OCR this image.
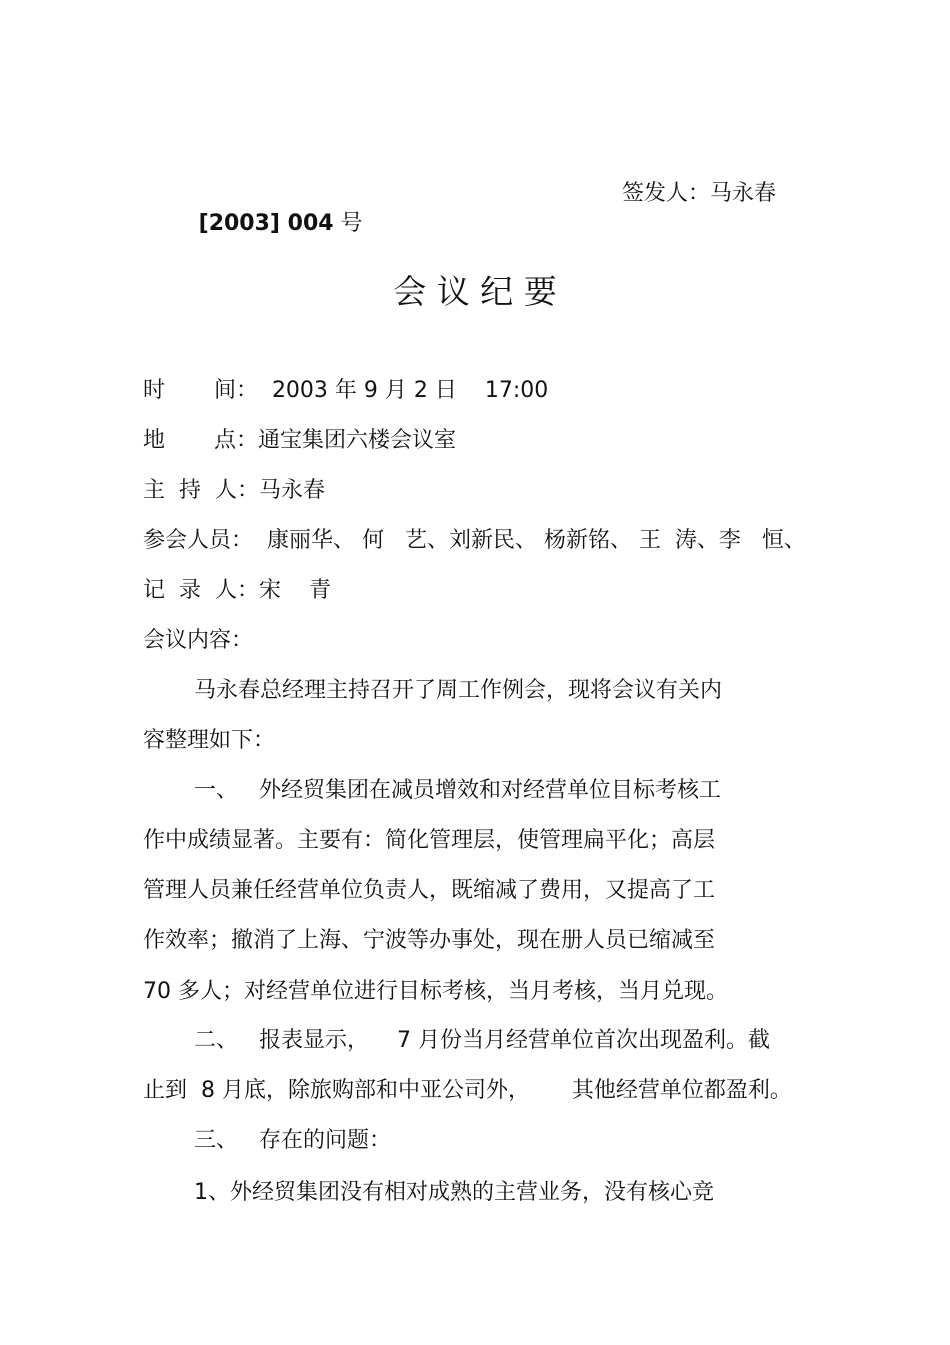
[2003] 004 号

签发人：马永春
会 议 纪 要
时       间：  2003 年 9 月 2 日    17:00
地       点：通宝集团六楼会议室
主  持  人：马永春
参会人员：  康丽华、 何   艺、刘新民、 杨新铭、 王  涛、李   恒、
记  录  人：宋    青
会议内容：
马永春总经理主持召开了周工作例会，现将会议有关内
容整理如下：
一、   外经贸集团在减员增效和对经营单位目标考核工
作中成绩显著。主要有：简化管理层，使管理扁平化；高层
管理人员兼任经营单位负责人，既缩减了费用，又提高了工
作效率；撤消了上海、宁波等办事处，现在册人员已缩减至
70 多人；对经营单位进行目标考核，当月考核，当月兑现。
二、   报表显示，    7 月份当月经营单位首次出现盈利。截
止到  8 月底，除旅购部和中亚公司外，      其他经营单位都盈利。
三、   存在的问题：
1、外经贸集团没有相对成熟的主营业务，没有核心竞
